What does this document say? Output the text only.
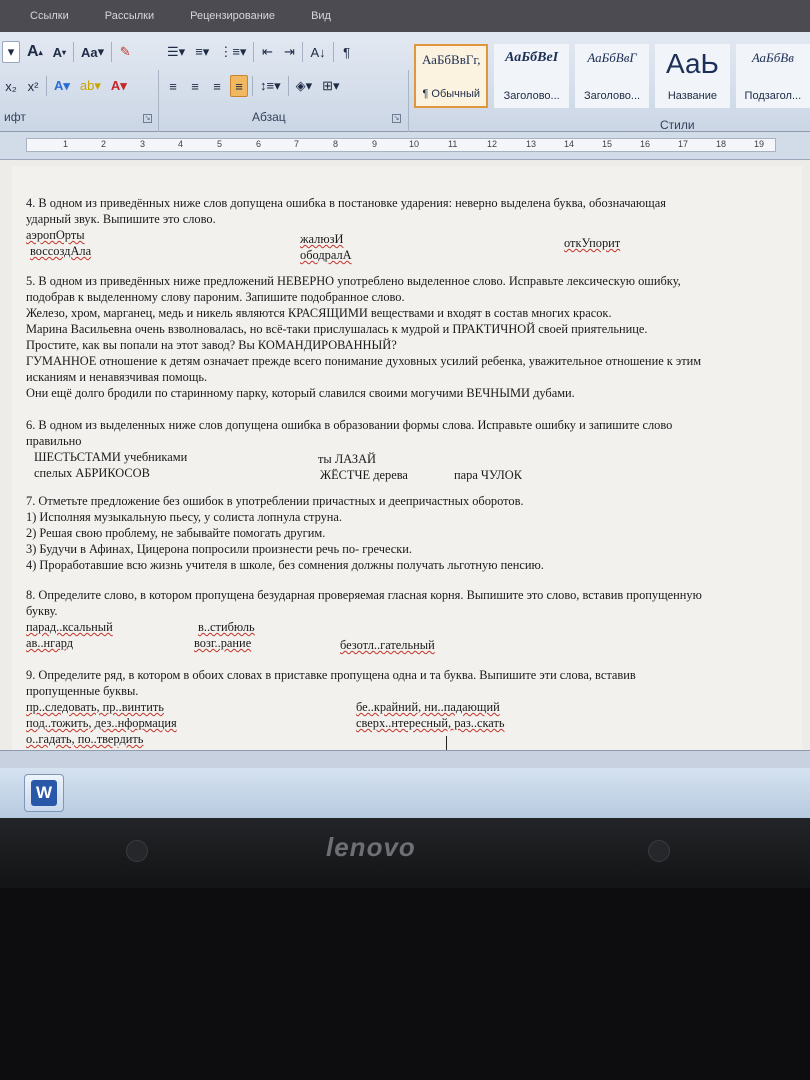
Ссылки	Рассылки	Рецензирование	Вид
▾ A ▴ A ▾ Aa ▾ ✎
x₂ x² A▾ ab▾ A▾
ифт	↘
☰▾ ≡▾ ⋮≡▾ ⇤ ⇥ A↓	¶
≡	≡	≡	≡	↕≡▾ ◈▾ ⊞▾
Абзац	↘
АаБбВвГг,
¶ Обычный
АаБбВеI
Заголово...
АаБбВвГ
Заголово...
АаЬ
Название
АаБбВв
Подзагол...
Стили
1	2	3	4	5	6	7	8	9	10	11	12	13	14	15	16	17	18	19
4. В одном из приведённых ниже слов допущена ошибка в постановке ударения: неверно выделена буква, обозначающая
ударный звук. Выпишите это слово.
аэропОрты
воссоздАла
жалюзИ
ободралА
откУпорит
5. В одном из приведённых ниже предложений НЕВЕРНО употреблено выделенное слово. Исправьте лексическую ошибку,
подобрав к выделенному слову пароним. Запишите подобранное слово.
Железо, хром, марганец, медь и никель являются КРАСЯЩИМИ веществами и входят в состав многих красок.
Марина Васильевна очень взволновалась, но всё-таки прислушалась к мудрой и ПРАКТИЧНОЙ своей приятельнице.
Простите, как вы попали на этот завод? Вы КОМАНДИРОВАННЫЙ?
ГУМАННОЕ отношение к детям означает прежде всего понимание духовных усилий ребенка, уважительное отношение к этим
исканиям и ненавязчивая помощь.
Они ещё долго бродили по старинному парку, который славился своими могучими ВЕЧНЫМИ дубами.
6. В одном из выделенных ниже слов допущена ошибка в образовании формы слова. Исправьте ошибку и запишите слово
правильно
ШЕСТЬСТАМИ учебниками
спелых АБРИКОСОВ
ты ЛАЗАЙ
ЖЁСТЧЕ дерева	пара ЧУЛОК
7. Отметьте предложение без ошибок в употреблении причастных и деепричастных оборотов.
1) Исполняя музыкальную пьесу, у солиста лопнула струна.
2) Решая свою проблему, не забывайте помогать другим.
3) Будучи в Афинах, Цицерона попросили произнести речь по- гречески.
4) Проработавшие всю жизнь учителя в школе, без сомнения должны получать льготную пенсию.
8. Определите слово, в котором пропущена безударная проверяемая гласная корня. Выпишите это слово, вставив пропущенную
букву.
парад..ксальный
ав..нгард
в..стибюль
возг..рание	безотл..гательный
9. Определите ряд, в котором в обоих словах в приставке пропущена одна и та буква. Выпишите эти слова, вставив
пропущенные буквы.
пр..следовать, пр..винтить
под..тожить, дез..нформация
о..гадать, по..твердить
бе..крайний, ни..падающий
сверх..нтересный, раз..скать
W
lenovo
